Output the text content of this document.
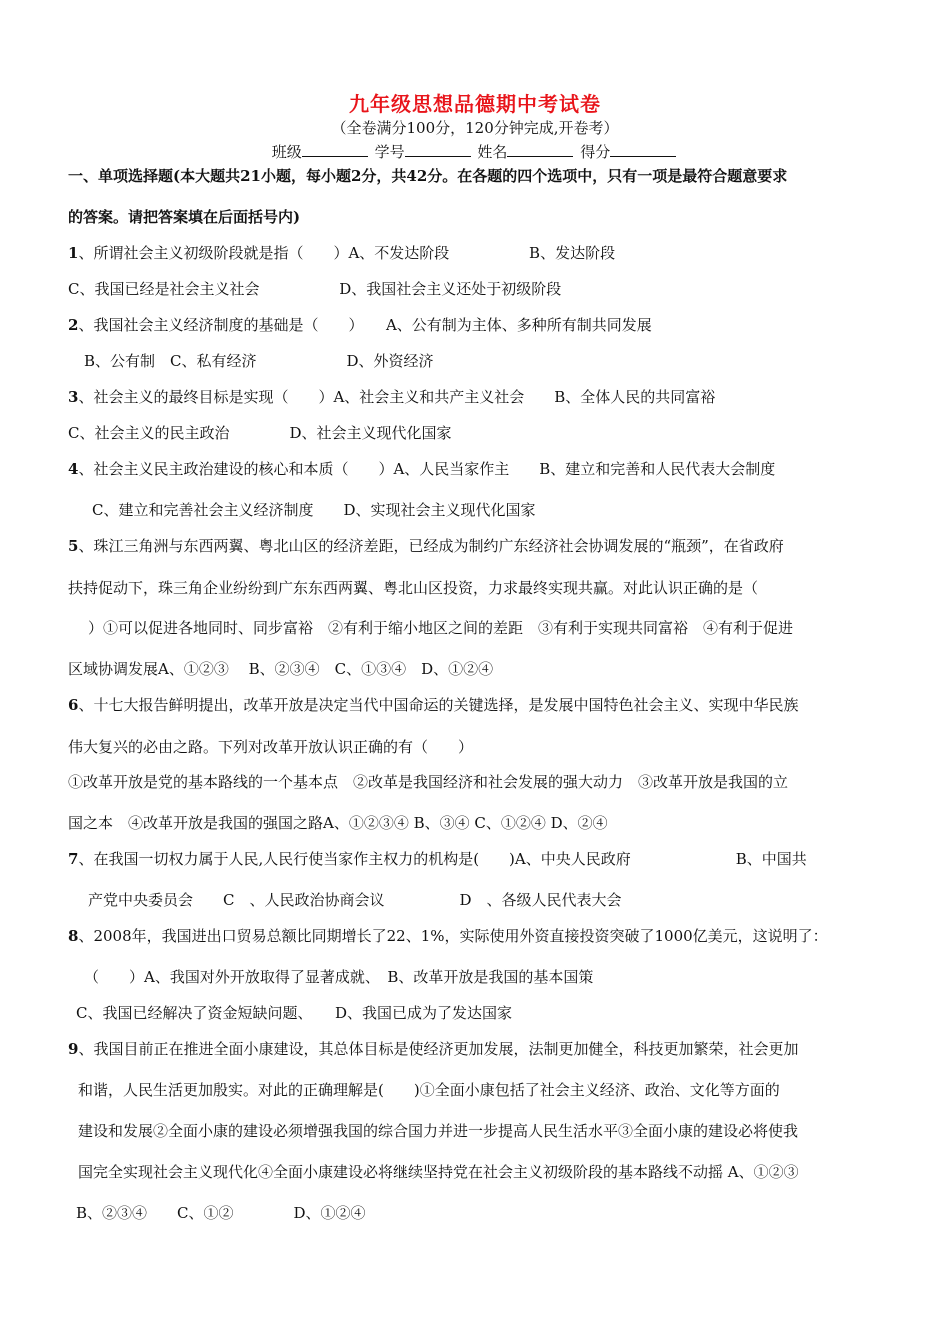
九年级思想品德期中考试卷
（全卷满分100分，120分钟完成,开卷考）
班级	学号	姓名	得分
一、单项选择题(本大题共21小题，每小题2分，共42分。在各题的四个选项中，只有一项是最符合题意要求
的答案。请把答案填在后面括号内)
1、所谓社会主义初级阶段就是指（　　）A、不发达阶段　　　　　 B、发达阶段
C、我国已经是社会主义社会　　　　　 D、我国社会主义还处于初级阶段
2、我国社会主义经济制度的基础是（　　）　　A、公有制为主体、多种所有制共同发展
B、公有制　C、私有经济　　　　　　D、外资经济
3、社会主义的最终目标是实现（　　）A、社会主义和共产主义社会　　B、全体人民的共同富裕
C、社会主义的民主政治　　　　D、社会主义现代化国家
4、社会主义民主政治建设的核心和本质（　　）A、人民当家作主　　B、建立和完善和人民代表大会制度
C、建立和完善社会主义经济制度　　D、实现社会主义现代化国家
5、珠江三角洲与东西两翼、粤北山区的经济差距，已经成为制约广东经济社会协调发展的“瓶颈”，在省政府
扶持促动下，珠三角企业纷纷到广东东西两翼、粤北山区投资，力求最终实现共赢。对此认识正确的是（
）①可以促进各地同时、同步富裕　②有利于缩小地区之间的差距　③有利于实现共同富裕　④有利于促进
区域协调发展A、①②③　 B、②③④　C、①③④　D、①②④
6、十七大报告鲜明提出，改革开放是决定当代中国命运的关键选择，是发展中国特色社会主义、实现中华民族
伟大复兴的必由之路。下列对改革开放认识正确的有（　　）
①改革开放是党的基本路线的一个基本点　②改革是我国经济和社会发展的强大动力　③改革开放是我国的立
国之本　④改革开放是我国的强国之路A、①②③④ B、③④ C、①②④ D、②④
7、在我国一切权力属于人民,人民行使当家作主权力的机构是(　　)A、中央人民政府　　　　　　　B、中国共
产党中央委员会　　C　、人民政治协商会议　　　　　D　、各级人民代表大会
8、2008年，我国进出口贸易总额比同期增长了22、1%，实际使用外资直接投资突破了1000亿美元，这说明了：
（　　）A、我国对外开放取得了显著成就、　B、改革开放是我国的基本国策
C、我国已经解决了资金短缺问题、　　D、我国已成为了发达国家
9、我国目前正在推进全面小康建设，其总体目标是使经济更加发展，法制更加健全，科技更加繁荣，社会更加
和谐，人民生活更加殷实。对此的正确理解是(　　)①全面小康包括了社会主义经济、政治、文化等方面的
建设和发展②全面小康的建设必须增强我国的综合国力并进一步提高人民生活水平③全面小康的建设必将使我
国完全实现社会主义现代化④全面小康建设必将继续坚持党在社会主义初级阶段的基本路线不动摇 A、①②③
B、②③④　　C、①②　　　　D、①②④
